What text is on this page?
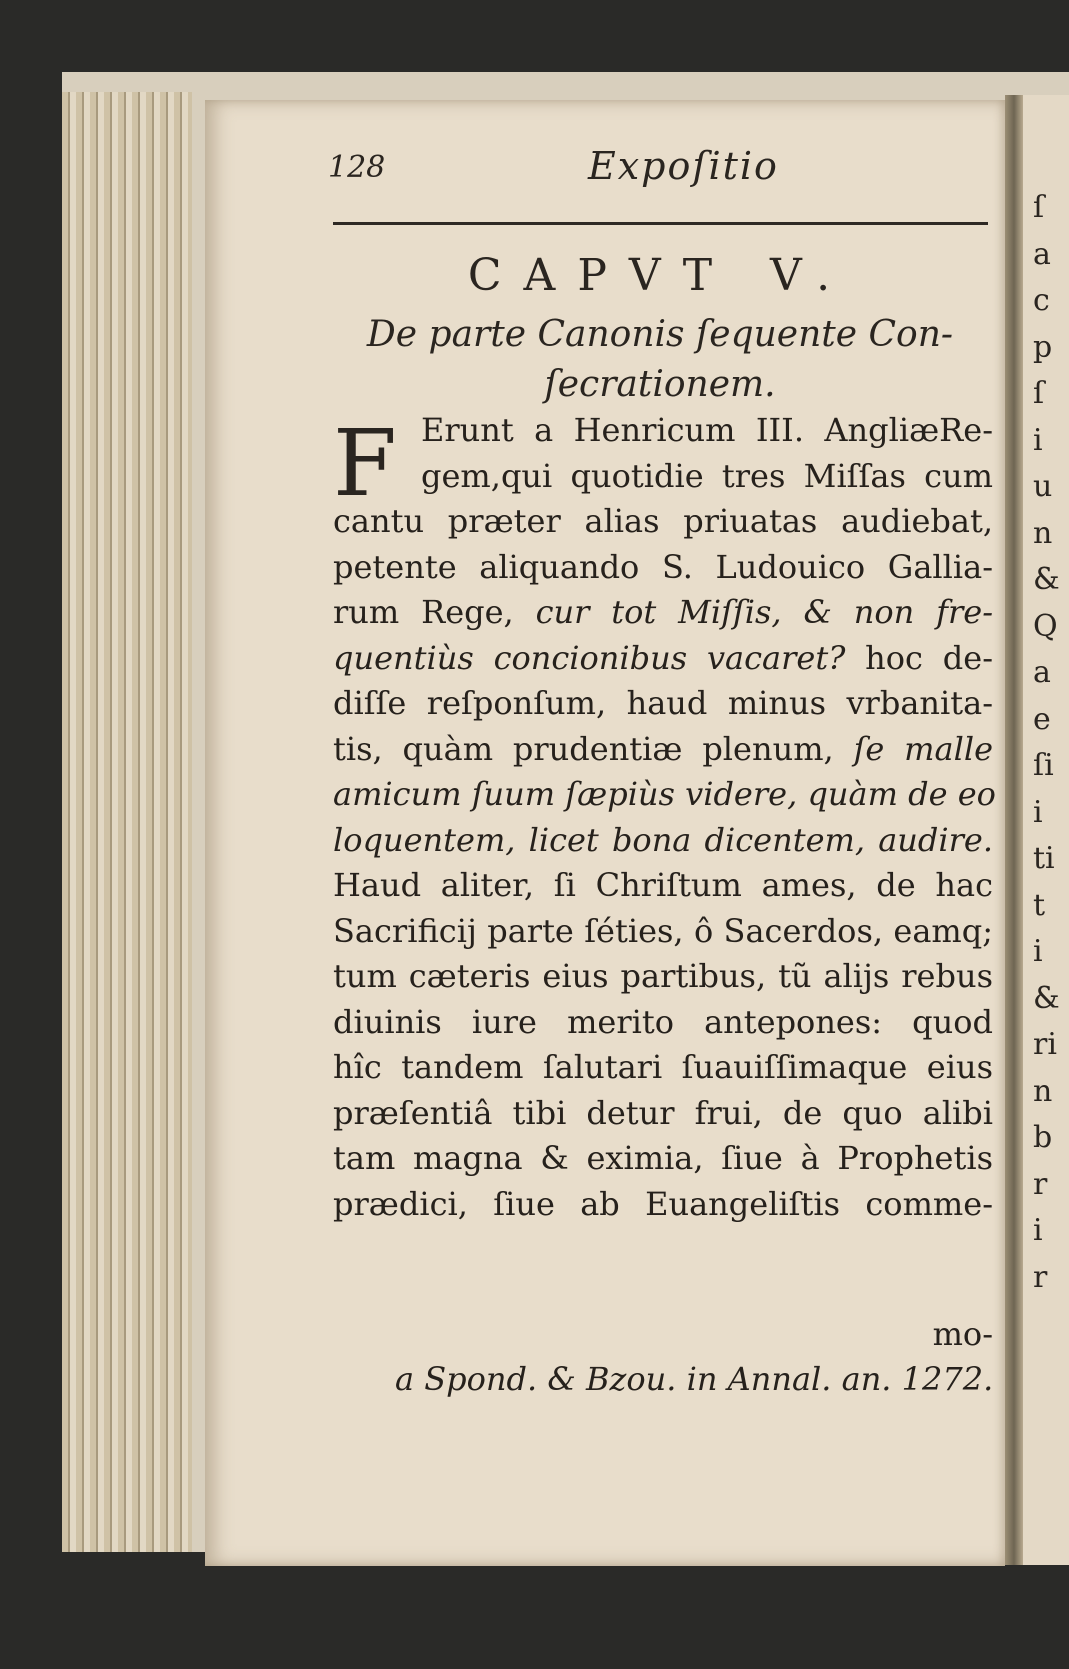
ſ
a
c
p
ſ
i
u
n
&
Q
a
e
ſi
i
ti
t
i
&
ri
n
b
r
i
r
128	Expoſitio
CAPVT V.
De parte Canonis ſequente Con-
ſecrationem.
F Erunt a Henricum III. AngliæRe-
gem,qui quotidie tres Miſſas cum
cantu præter alias priuatas audiebat,
petente aliquando S. Ludouico Gallia-
rum Rege, cur tot Miſſis, & non fre-
quentiùs concionibus vacaret? hoc de-
diſſe reſponſum, haud minus vrbanita-
tis, quàm prudentiæ plenum, ſe malle
amicum ſuum ſæpiùs videre, quàm de eo
loquentem, licet bona dicentem, audire.
Haud aliter, ſi Chriſtum ames, de hac
Sacrificij parte ſéties, ô Sacerdos, eamq;
tum cæteris eius partibus, tũ alijs rebus
diuinis iure merito antepones: quod
hîc tandem ſalutari ſuauiſſimaque eius
præſentiâ tibi detur frui, de quo alibi
tam magna & eximia, ſiue à Prophetis
prædici, ſiue ab Euangeliſtis comme-
mo-
a Spond. & Bzou. in Annal. an. 1272.
